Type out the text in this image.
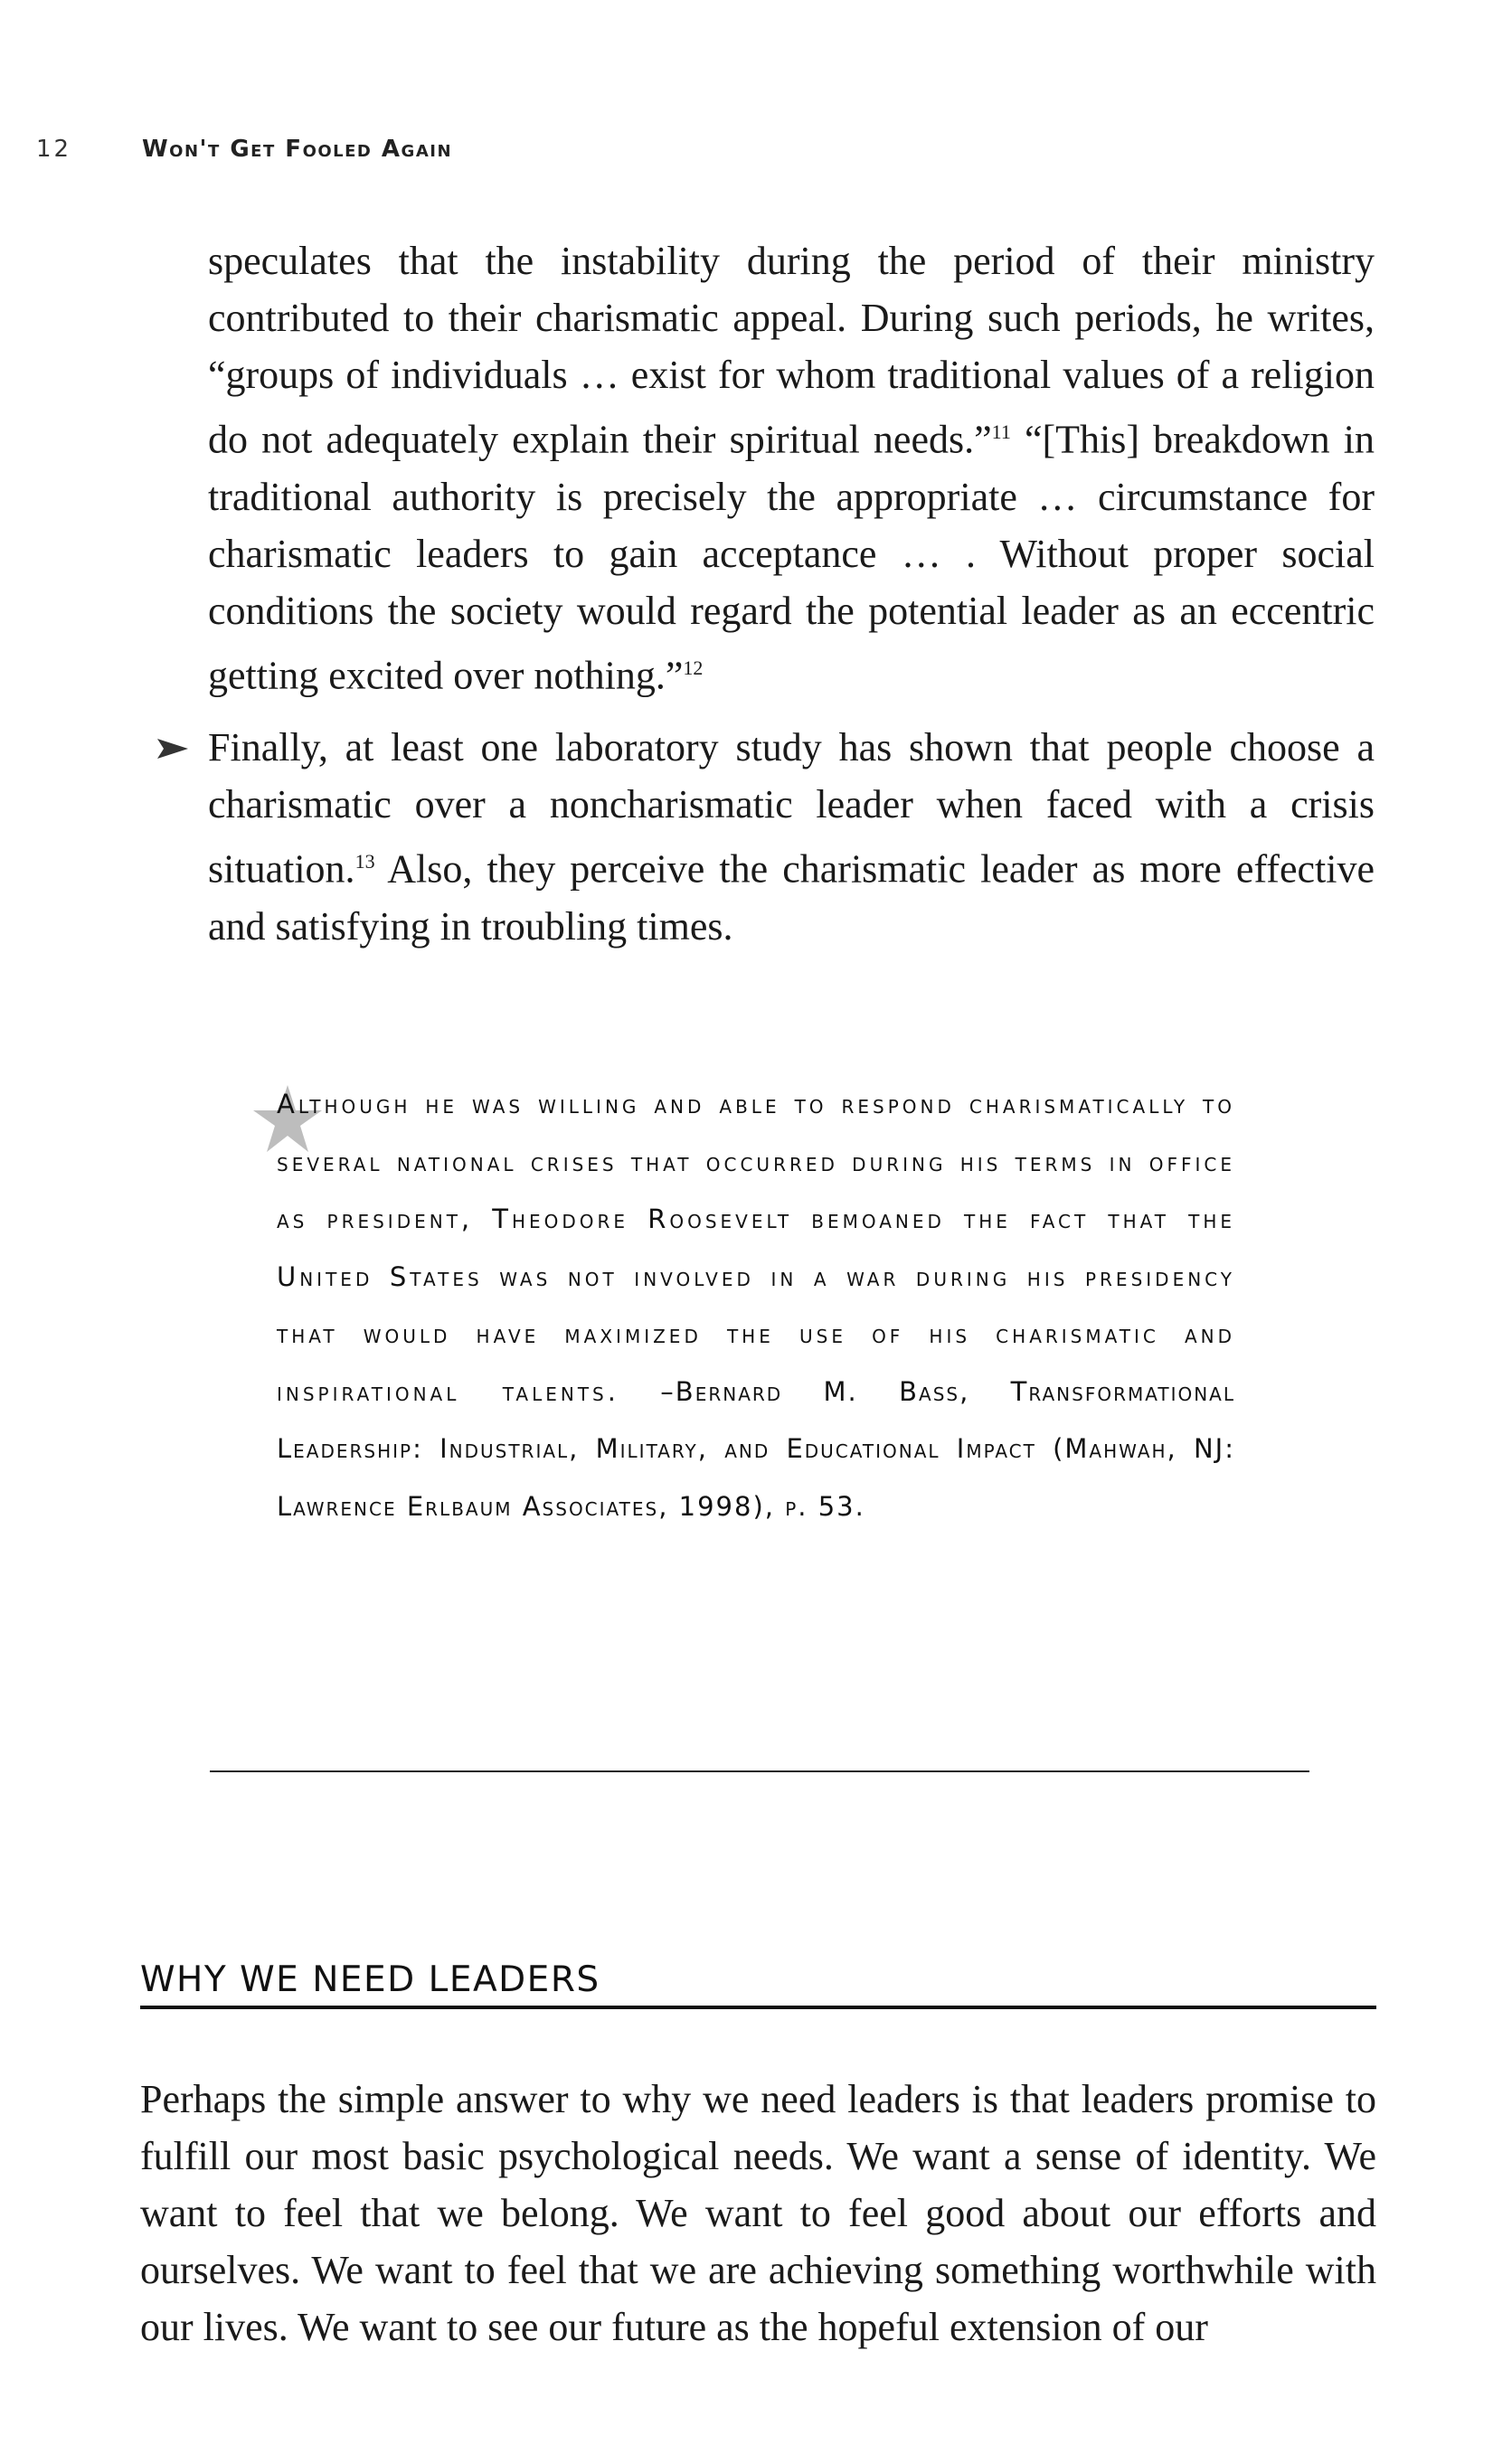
12	Won't Get Fooled Again

speculates that the instability during the period of their ministry contributed to their charismatic appeal. During such periods, he writes, “groups of individuals … exist for whom traditional values of a religion do not adequately explain their spiritual needs.”$^{11}$ “[This] breakdown in traditional authority is precisely the appropriate … circumstance for charismatic leaders to gain acceptance … . Without proper social conditions the society would regard the potential leader as an eccentric getting excited over nothing.”$^{12}$

Finally, at least one laboratory study has shown that people choose a charismatic over a noncharismatic leader when faced with a crisis situation.$^{13}$ Also, they perceive the charismatic leader as more effective and satisfying in troubling times.

Although he was willing and able to respond charismatically to several national crises that occurred during his terms in office as president, Theodore Roosevelt bemoaned the fact that the United States was not involved in a war during his presidency that would have maximized the use of his charismatic and inspirational talents. –Bernard M. Bass, Transformational Leadership: Industrial, Military, and Educational Impact (Mahwah, NJ: Lawrence Erlbaum Associates, 1998), p. 53.

WHY WE NEED LEADERS

Perhaps the simple answer to why we need leaders is that leaders promise to fulfill our most basic psychological needs. We want a sense of identity. We want to feel that we belong. We want to feel good about our efforts and ourselves. We want to feel that we are achieving something worthwhile with our lives. We want to see our future as the hopeful extension of our
